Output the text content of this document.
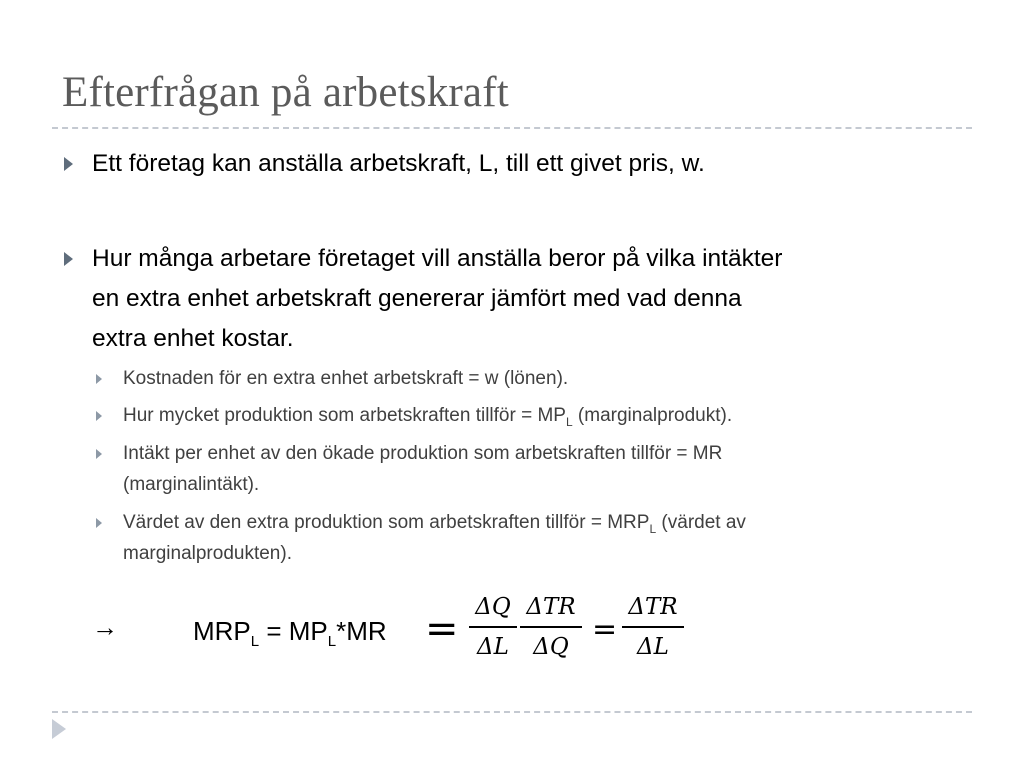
Efterfrågan på arbetskraft
Ett företag kan anställa arbetskraft, L, till ett givet pris, w.
Hur många arbetare företaget vill anställa beror på vilka intäkter
en extra enhet arbetskraft genererar jämfört med vad denna
extra enhet kostar.
Kostnaden för en extra enhet arbetskraft = w (lönen).
Hur mycket produktion som arbetskraften tillför = $MP_L$ (marginalprodukt).
Intäkt per enhet av den ökade produktion som arbetskraften tillför = MR
(marginalintäkt).
Värdet av den extra produktion som arbetskraften tillför = $MRP_L$ (värdet av
marginalprodukten).
→	$MRP_L = MP_L*MR = \Delta Q$
ΔL
ΔTR
ΔQ =
ΔTR
ΔL
